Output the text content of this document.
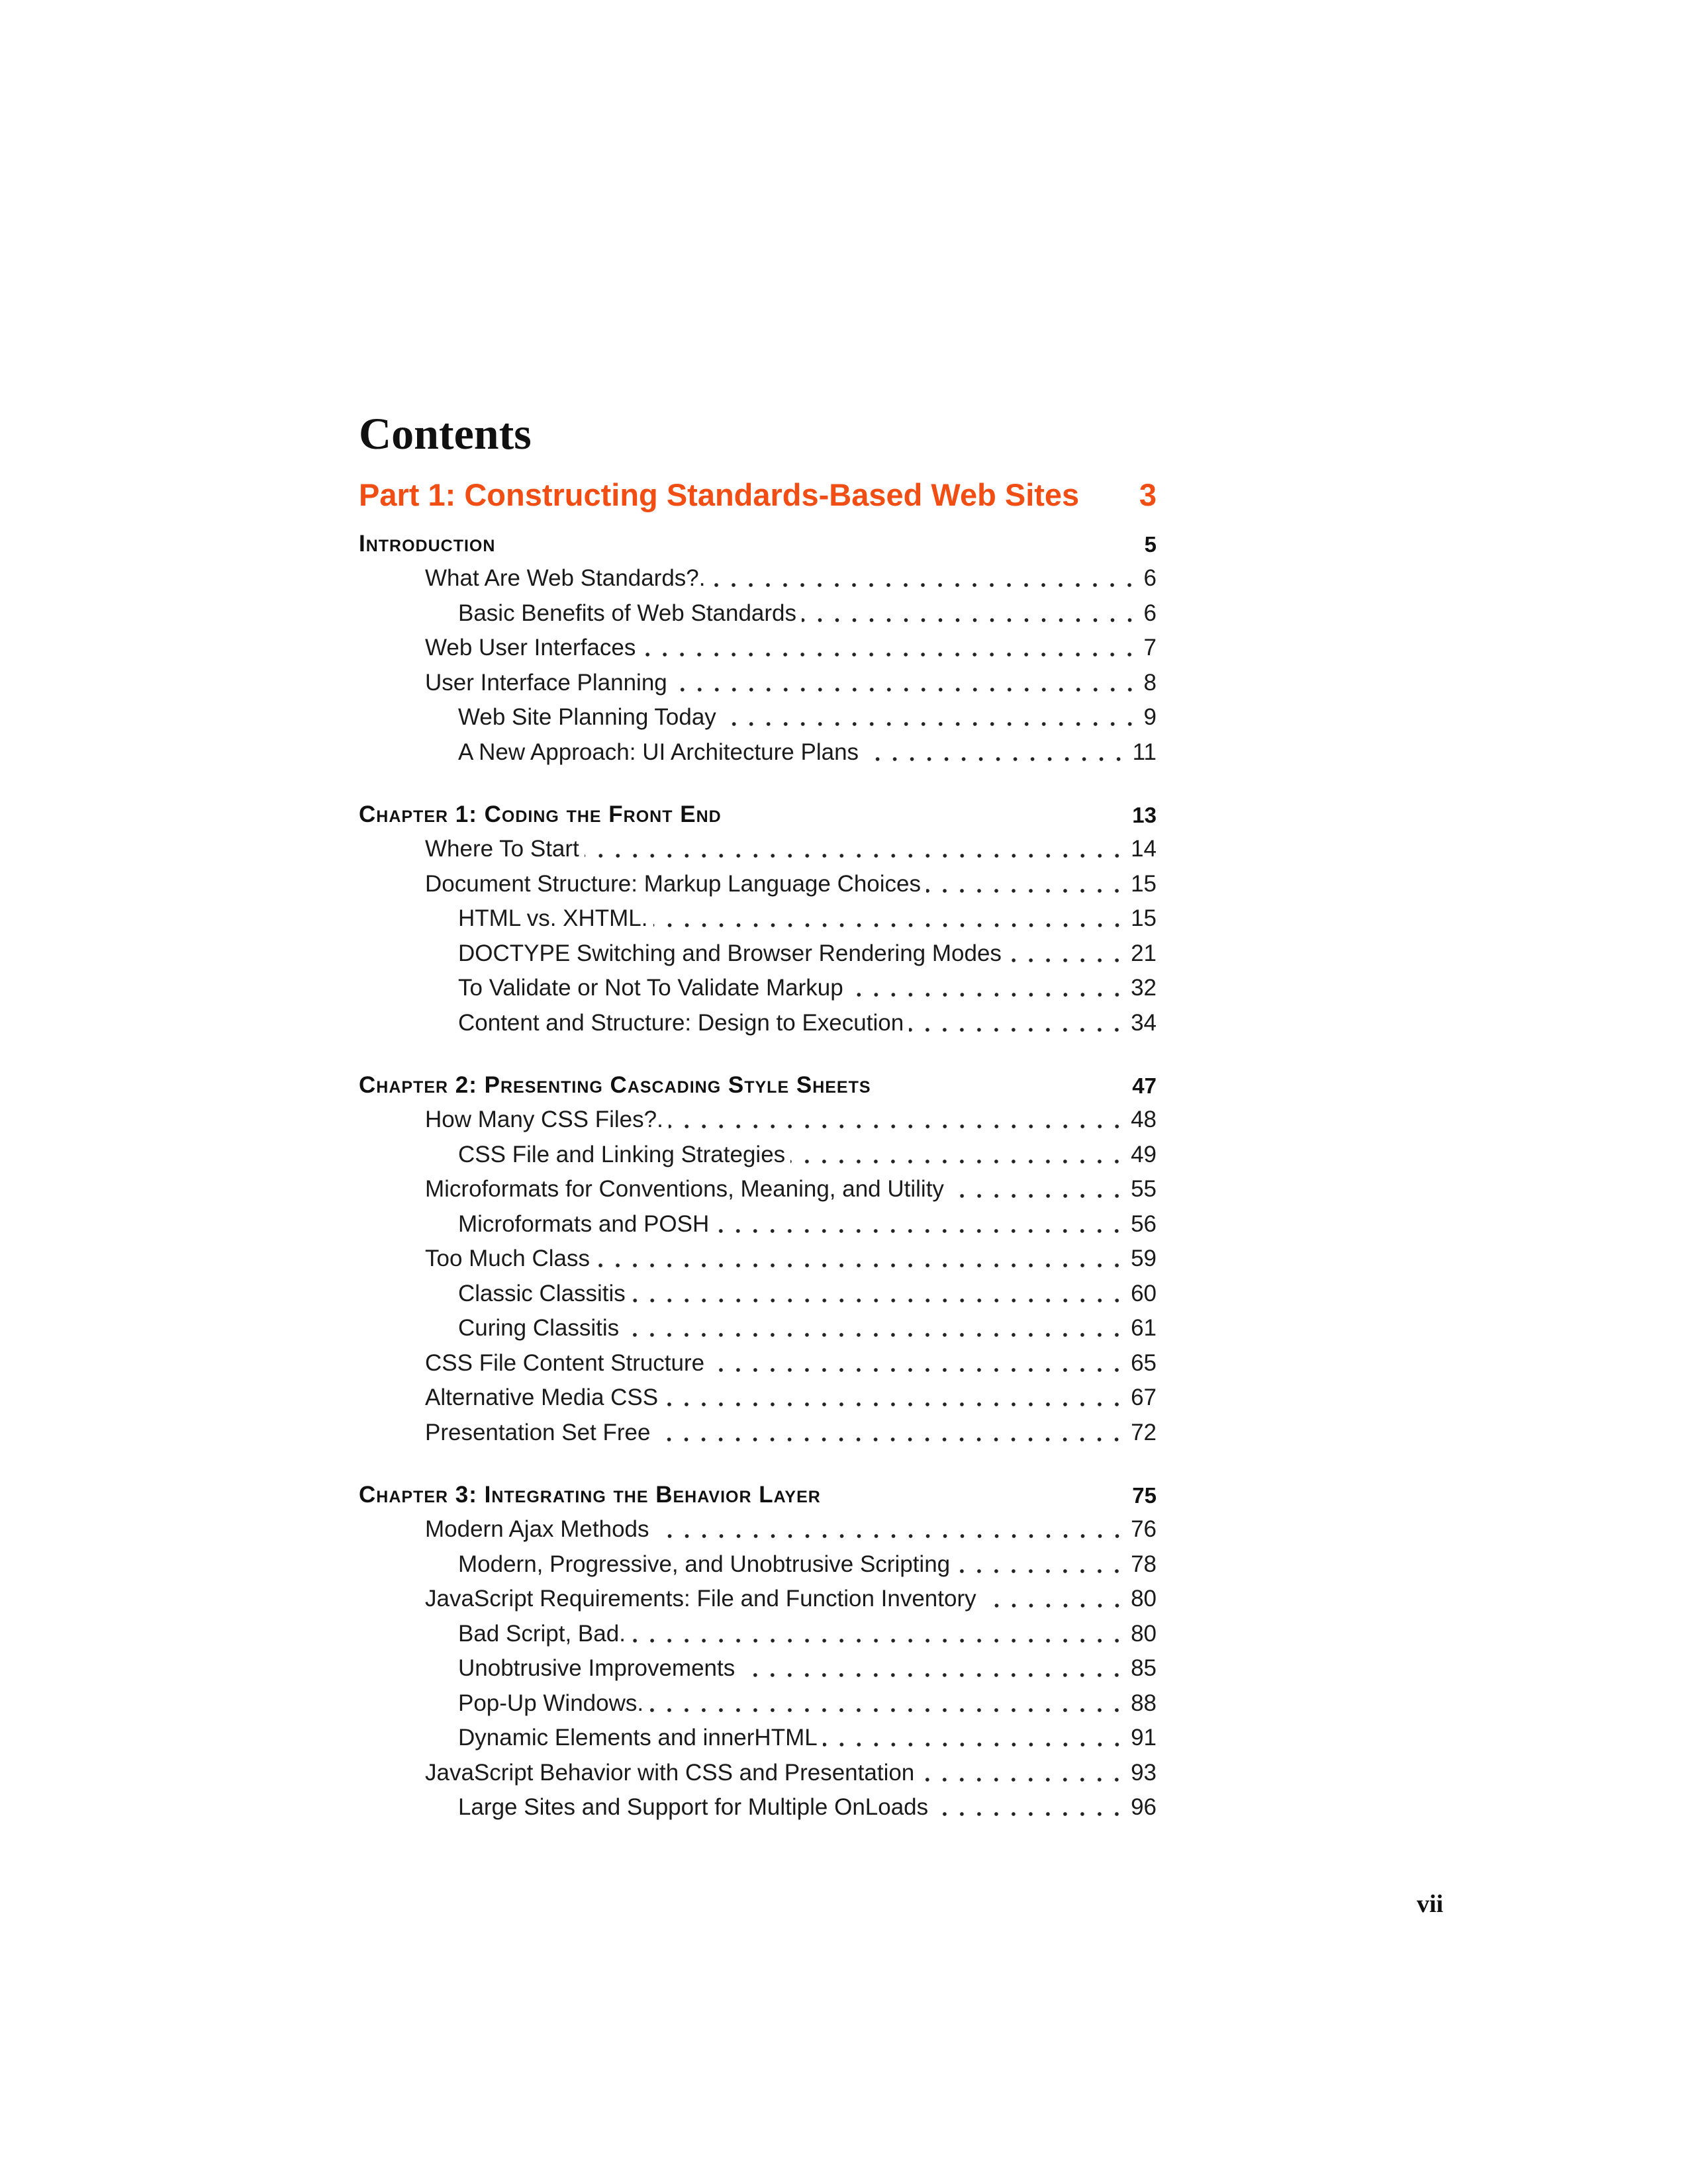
Contents
Part 1: Constructing Standards-Based Web Sites 3
Introduction	5
What Are Web Standards?.	6
Basic Benefits of Web Standards	6
Web User Interfaces	7
User Interface Planning	8
Web Site Planning Today	9
A New Approach: UI Architecture Plans	11
Chapter 1: Coding the Front End	13
Where To Start	14
Document Structure: Markup Language Choices	15
HTML vs. XHTML.	15
DOCTYPE Switching and Browser Rendering Modes	21
To Validate or Not To Validate Markup	32
Content and Structure: Design to Execution	34
Chapter 2: Presenting Cascading Style Sheets	47
How Many CSS Files?.	48
CSS File and Linking Strategies	49
Microformats for Conventions, Meaning, and Utility	55
Microformats and POSH	56
Too Much Class	59
Classic Classitis	60
Curing Classitis	61
CSS File Content Structure	65
Alternative Media CSS	67
Presentation Set Free	72
Chapter 3: Integrating the Behavior Layer	75
Modern Ajax Methods	76
Modern, Progressive, and Unobtrusive Scripting	78
JavaScript Requirements: File and Function Inventory	80
Bad Script, Bad.	80
Unobtrusive Improvements	85
Pop-Up Windows.	88
Dynamic Elements and innerHTML	91
JavaScript Behavior with CSS and Presentation	93
Large Sites and Support for Multiple OnLoads	96
vii
